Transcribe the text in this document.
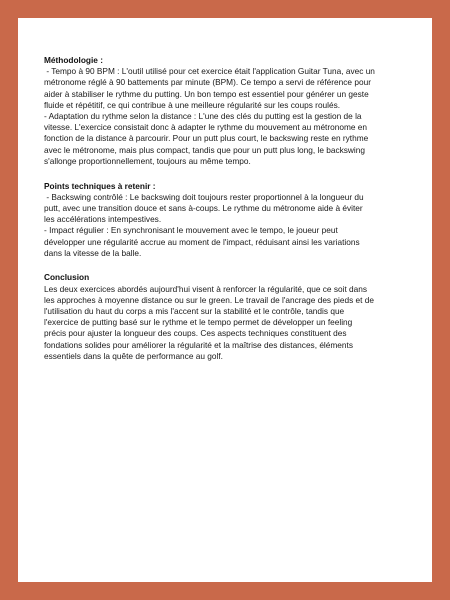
Méthodologie :

- Tempo à 90 BPM : L'outil utilisé pour cet exercice était l'application Guitar Tuna, avec un

métronome réglé à 90 battements par minute (BPM). Ce tempo a servi de référence pour

aider à stabiliser le rythme du putting. Un bon tempo est essentiel pour générer un geste

fluide et répétitif, ce qui contribue à une meilleure régularité sur les coups roulés.

- Adaptation du rythme selon la distance : L'une des clés du putting est la gestion de la

vitesse. L'exercice consistait donc à adapter le rythme du mouvement au métronome en

fonction de la distance à parcourir. Pour un putt plus court, le backswing reste en rythme

avec le métronome, mais plus compact, tandis que pour un putt plus long, le backswing

s'allonge proportionnellement, toujours au même tempo.

Points techniques à retenir :

- Backswing contrôlé : Le backswing doit toujours rester proportionnel à la longueur du

putt, avec une transition douce et sans à-coups. Le rythme du métronome aide à éviter

les accélérations intempestives.

- Impact régulier : En synchronisant le mouvement avec le tempo, le joueur peut

développer une régularité accrue au moment de l'impact, réduisant ainsi les variations

dans la vitesse de la balle.

Conclusion

Les deux exercices abordés aujourd'hui visent à renforcer la régularité, que ce soit dans

les approches à moyenne distance ou sur le green. Le travail de l'ancrage des pieds et de

l'utilisation du haut du corps a mis l'accent sur la stabilité et le contrôle, tandis que

l'exercice de putting basé sur le rythme et le tempo permet de développer un feeling

précis pour ajuster la longueur des coups. Ces aspects techniques constituent des

fondations solides pour améliorer la régularité et la maîtrise des distances, éléments

essentiels dans la quête de performance au golf.
